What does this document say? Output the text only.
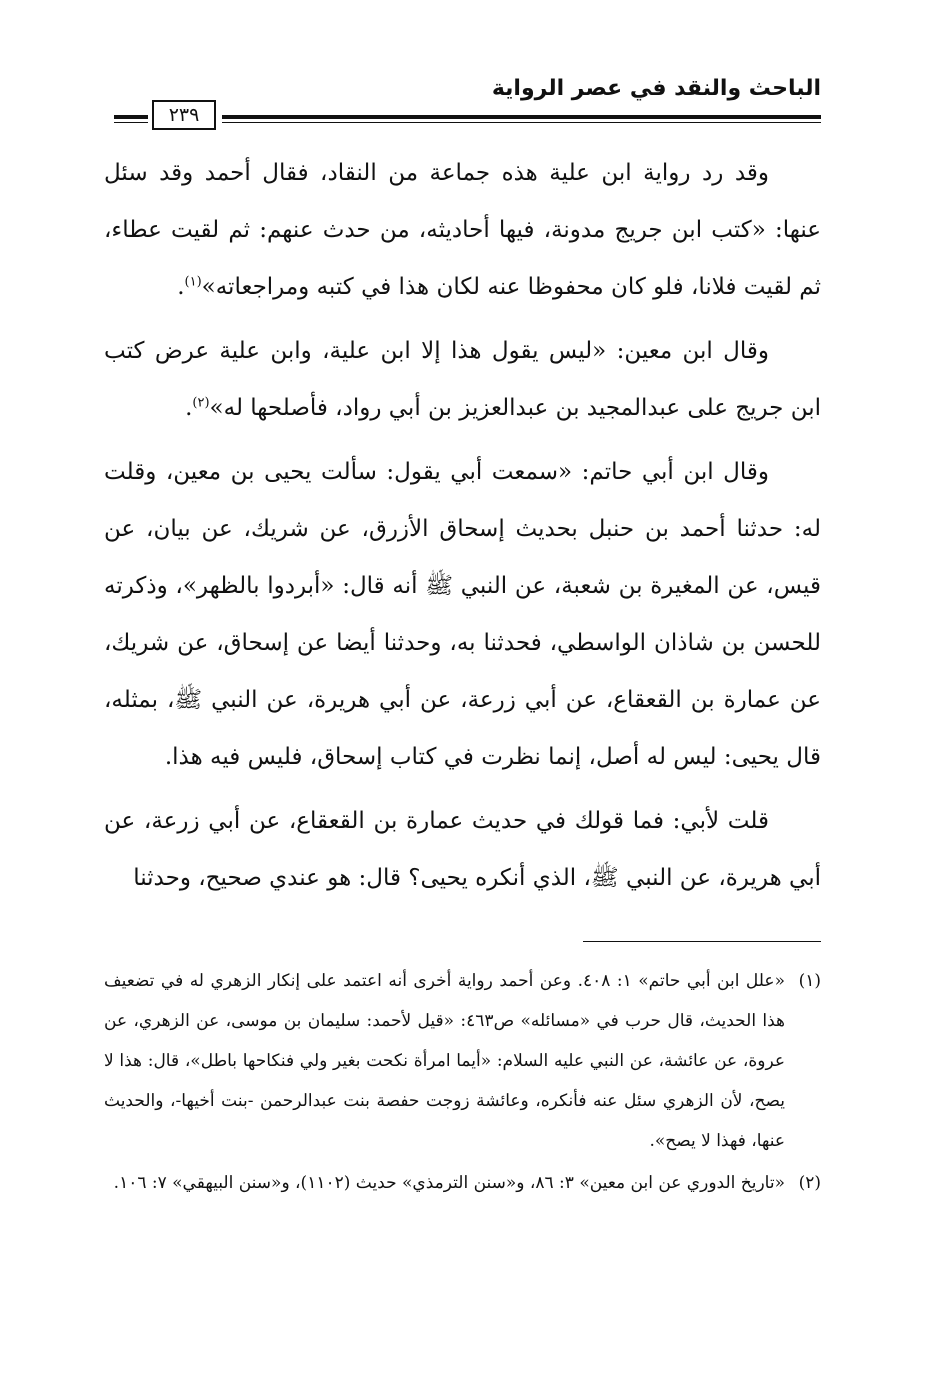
الباحث والنقد في عصر الرواية
٢٣٩

وقد رد رواية ابن علية هذه جماعة من النقاد، فقال أحمد وقد سئل عنها: «كتب ابن جريج مدونة، فيها أحاديثه، من حدث عنهم: ثم لقيت عطاء، ثم لقيت فلانا، فلو كان محفوظا عنه لكان هذا في كتبه ومراجعاته»$^{(١)}$.

وقال ابن معين: «ليس يقول هذا إلا ابن علية، وابن علية عرض كتب ابن جريج على عبدالمجيد بن عبدالعزيز بن أبي رواد، فأصلحها له»$^{(٢)}$.

وقال ابن أبي حاتم: «سمعت أبي يقول: سألت يحيى بن معين، وقلت له: حدثنا أحمد بن حنبل بحديث إسحاق الأزرق، عن شريك، عن بيان، عن قيس، عن المغيرة بن شعبة، عن النبي ﷺ أنه قال: «أبردوا بالظهر»، وذكرته للحسن بن شاذان الواسطي، فحدثنا به، وحدثنا أيضا عن إسحاق، عن شريك، عن عمارة بن القعقاع، عن أبي زرعة، عن أبي هريرة، عن النبي ﷺ، بمثله، قال يحيى: ليس له أصل، إنما نظرت في كتاب إسحاق، فليس فيه هذا.

قلت لأبي: فما قولك في حديث عمارة بن القعقاع، عن أبي زرعة، عن أبي هريرة، عن النبي ﷺ، الذي أنكره يحيى؟ قال: هو عندي صحيح، وحدثنا

(١)
«علل ابن أبي حاتم» ١: ٤٠٨. وعن أحمد رواية أخرى أنه اعتمد على إنكار الزهري له في تضعيف هذا الحديث، قال حرب في «مسائله» ص٤٦٣: «قيل لأحمد: سليمان بن موسى، عن الزهري، عن عروة، عن عائشة، عن النبي عليه السلام: «أيما امرأة نكحت بغير ولي فنكاحها باطل»، قال: هذا لا يصح، لأن الزهري سئل عنه فأنكره، وعائشة زوجت حفصة بنت عبدالرحمن -بنت أخيها-، والحديث عنها، فهذا لا يصح».
(٢)
«تاريخ الدوري عن ابن معين» ٣: ٨٦، و«سنن الترمذي» حديث (١١٠٢)، و«سنن البيهقي» ٧: ١٠٦.
